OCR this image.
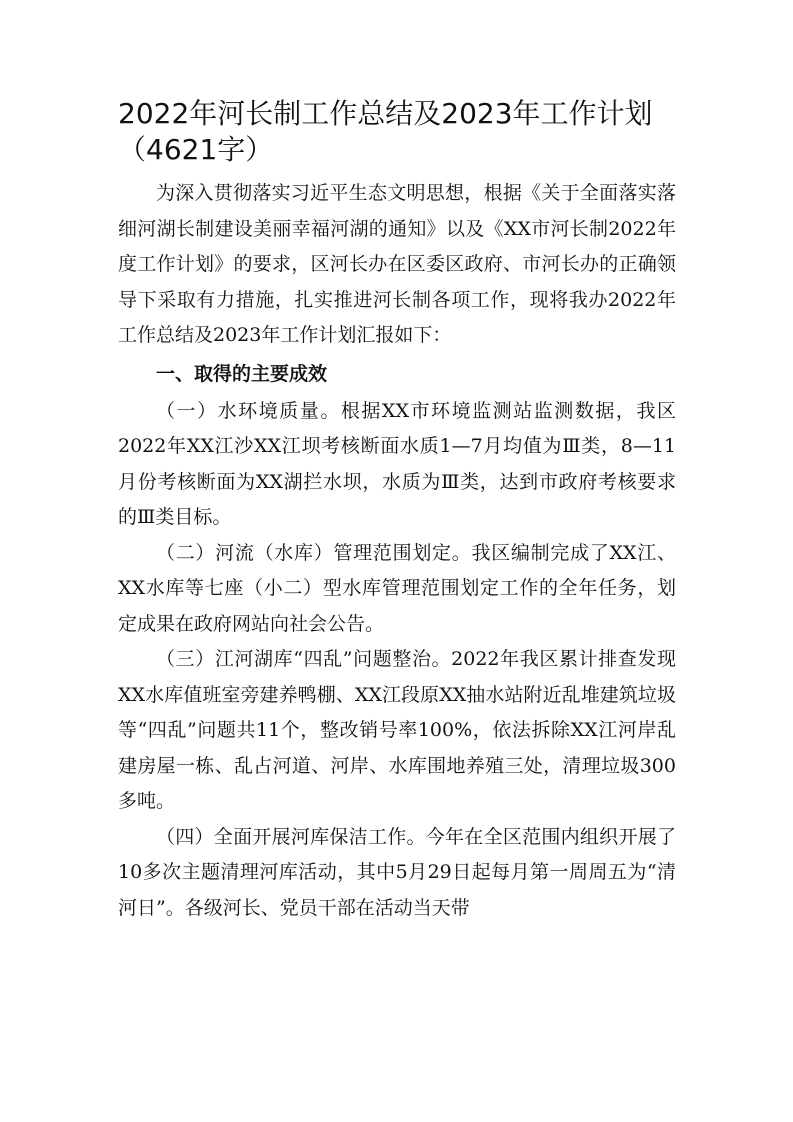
2022年河长制工作总结及2023年工作计划（4621字）

为深入贯彻落实习近平生态文明思想，根据《关于全面落实落细河湖长制建设美丽幸福河湖的通知》以及《XX市河长制2022年度工作计划》的要求，区河长办在区委区政府、市河长办的正确领导下采取有力措施，扎实推进河长制各项工作，现将我办2022年工作总结及2023年工作计划汇报如下：

一、取得的主要成效

（一）水环境质量。根据XX市环境监测站监测数据，我区2022年XX江沙XX江坝考核断面水质1—7月均值为Ⅲ类，8—11月份考核断面为XX湖拦水坝，水质为Ⅲ类，达到市政府考核要求的Ⅲ类目标。

（二）河流（水库）管理范围划定。我区编制完成了XX江、XX水库等七座（小二）型水库管理范围划定工作的全年任务，划定成果在政府网站向社会公告。

（三）江河湖库“四乱”问题整治。2022年我区累计排查发现XX水库值班室旁建养鸭棚、XX江段原XX抽水站附近乱堆建筑垃圾等“四乱”问题共11个，整改销号率100%，依法拆除XX江河岸乱建房屋一栋、乱占河道、河岸、水库围地养殖三处，清理垃圾300多吨。

（四）全面开展河库保洁工作。今年在全区范围内组织开展了10多次主题清理河库活动，其中5月29日起每月第一周周五为“清河日”。各级河长、党员干部在活动当天带
